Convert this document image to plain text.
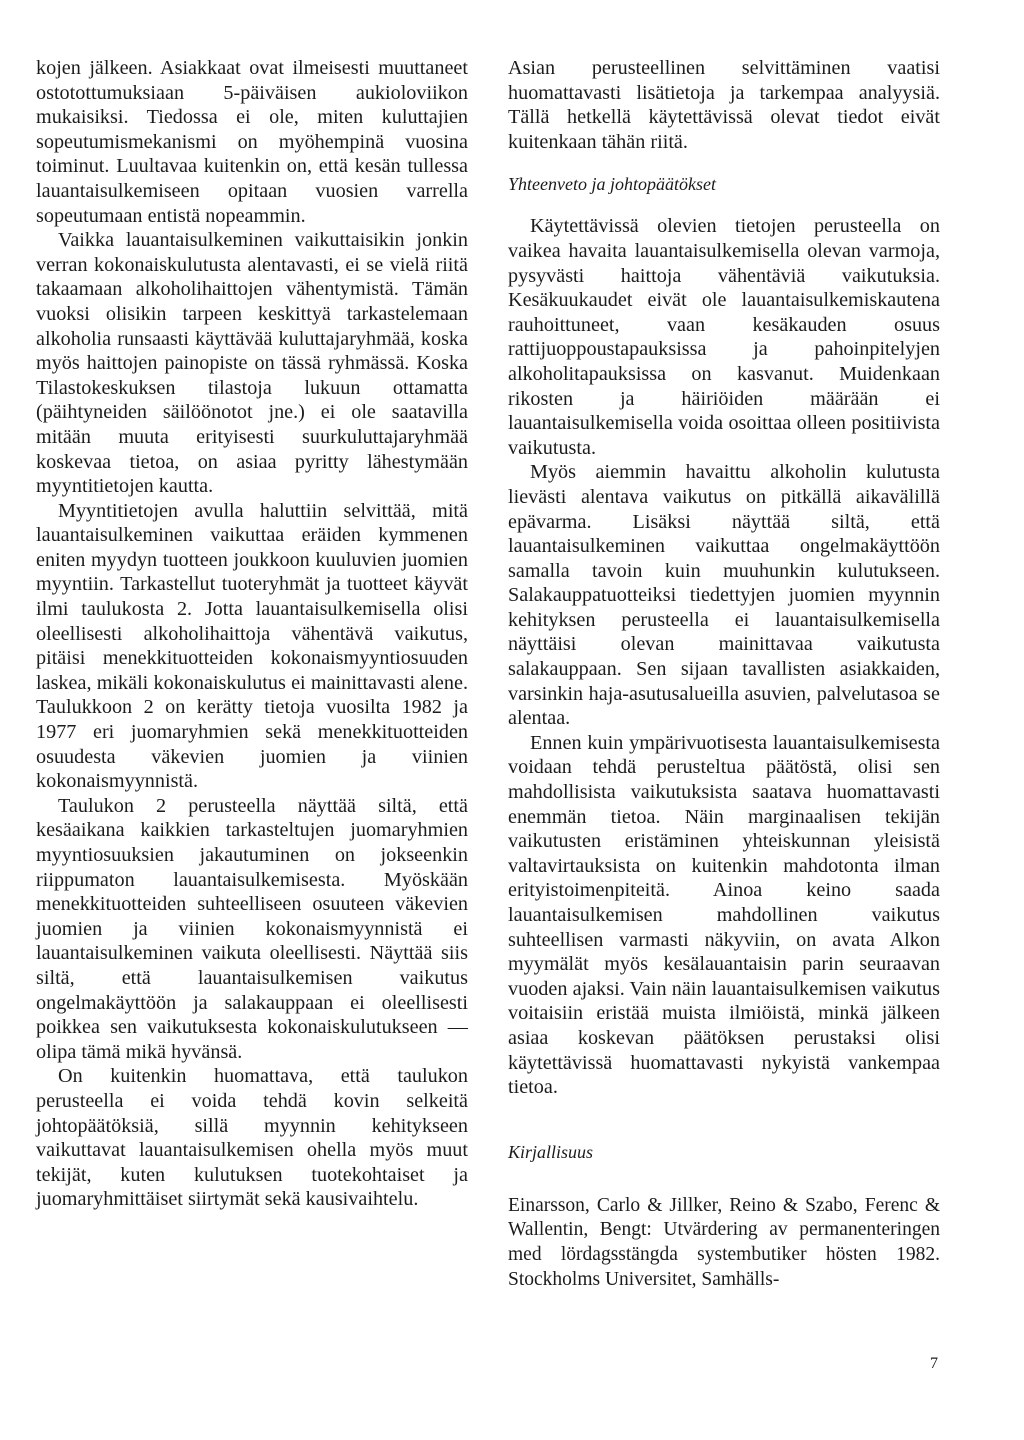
kojen jälkeen. Asiakkaat ovat ilmeisesti muuttaneet ostotottumuksiaan 5-päiväisen aukioloviikon mukaisiksi. Tiedossa ei ole, miten kuluttajien sopeutumismekanismi on myöhempinä vuosina toiminut. Luultavaa kuitenkin on, että kesän tullessa lauantaisulkemiseen opitaan vuosien varrella sopeutumaan entistä nopeammin.

Vaikka lauantaisulkeminen vaikuttaisikin jonkin verran kokonaiskulutusta alentavasti, ei se vielä riitä takaamaan alkoholihaittojen vähentymistä. Tämän vuoksi olisikin tarpeen keskittyä tarkastelemaan alkoholia runsaasti käyttävää kuluttajaryhmää, koska myös haittojen painopiste on tässä ryhmässä. Koska Tilastokeskuksen tilastoja lukuun ottamatta (päihtyneiden säilöönotot jne.) ei ole saatavilla mitään muuta erityisesti suurkuluttajaryhmää koskevaa tietoa, on asiaa pyritty lähestymään myyntitietojen kautta.

Myyntitietojen avulla haluttiin selvittää, mitä lauantaisulkeminen vaikuttaa eräiden kymmenen eniten myydyn tuotteen joukkoon kuuluvien juomien myyntiin. Tarkastellut tuoteryhmät ja tuotteet käyvät ilmi taulukosta 2. Jotta lauantaisulkemisella olisi oleellisesti alkoholihaittoja vähentävä vaikutus, pitäisi menekkituotteiden kokonaismyyntiosuuden laskea, mikäli kokonaiskulutus ei mainittavasti alene. Taulukkoon 2 on kerätty tietoja vuosilta 1982 ja 1977 eri juomaryhmien sekä menekkituotteiden osuudesta väkevien juomien ja viinien kokonaismyynnistä.

Taulukon 2 perusteella näyttää siltä, että kesäaikana kaikkien tarkasteltujen juomaryhmien myyntiosuuksien jakautuminen on jokseenkin riippumaton lauantaisulkemisesta. Myöskään menekkituotteiden suhteelliseen osuuteen väkevien juomien ja viinien kokonaismyynnistä ei lauantaisulkeminen vaikuta oleellisesti. Näyttää siis siltä, että lauantaisulkemisen vaikutus ongelmakäyttöön ja salakauppaan ei oleellisesti poikkea sen vaikutuksesta kokonaiskulutukseen — olipa tämä mikä hyvänsä.

On kuitenkin huomattava, että taulukon perusteella ei voida tehdä kovin selkeitä johtopäätöksiä, sillä myynnin kehitykseen vaikuttavat lauantaisulkemisen ohella myös muut tekijät, kuten kulutuksen tuotekohtaiset ja juomaryhmittäiset siirtymät sekä kausivaihtelu.

Asian perusteellinen selvittäminen vaatisi huomattavasti lisätietoja ja tarkempaa analyysiä. Tällä hetkellä käytettävissä olevat tiedot eivät kuitenkaan tähän riitä.

Yhteenveto ja johtopäätökset

Käytettävissä olevien tietojen perusteella on vaikea havaita lauantaisulkemisella olevan varmoja, pysyvästi haittoja vähentäviä vaikutuksia. Kesäkuukaudet eivät ole lauantaisulkemiskautena rauhoittuneet, vaan kesäkauden osuus rattijuoppoustapauksissa ja pahoinpitelyjen alkoholitapauksissa on kasvanut. Muidenkaan rikosten ja häiriöiden määrään ei lauantaisulkemisella voida osoittaa olleen positiivista vaikutusta.

Myös aiemmin havaittu alkoholin kulutusta lievästi alentava vaikutus on pitkällä aikavälillä epävarma. Lisäksi näyttää siltä, että lauantaisulkeminen vaikuttaa ongelmakäyttöön samalla tavoin kuin muuhunkin kulutukseen. Salakauppatuotteiksi tiedettyjen juomien myynnin kehityksen perusteella ei lauantaisulkemisella näyttäisi olevan mainittavaa vaikutusta salakauppaan. Sen sijaan tavallisten asiakkaiden, varsinkin haja-asutusalueilla asuvien, palvelutasoa se alentaa.

Ennen kuin ympärivuotisesta lauantaisulkemisesta voidaan tehdä perusteltua päätöstä, olisi sen mahdollisista vaikutuksista saatava huomattavasti enemmän tietoa. Näin marginaalisen tekijän vaikutusten eristäminen yhteiskunnan yleisistä valtavirtauksista on kuitenkin mahdotonta ilman erityistoimenpiteitä. Ainoa keino saada lauantaisulkemisen mahdollinen vaikutus suhteellisen varmasti näkyviin, on avata Alkon myymälät myös kesälauantaisin parin seuraavan vuoden ajaksi. Vain näin lauantaisulkemisen vaikutus voitaisiin eristää muista ilmiöistä, minkä jälkeen asiaa koskevan päätöksen perustaksi olisi käytettävissä huomattavasti nykyistä vankempaa tietoa.

Kirjallisuus

Einarsson, Carlo & Jillker, Reino & Szabo, Ferenc & Wallentin, Bengt: Utvärdering av permanenteringen med lördagsstängda systembutiker hösten 1982. Stockholms Universitet, Samhälls-

7
